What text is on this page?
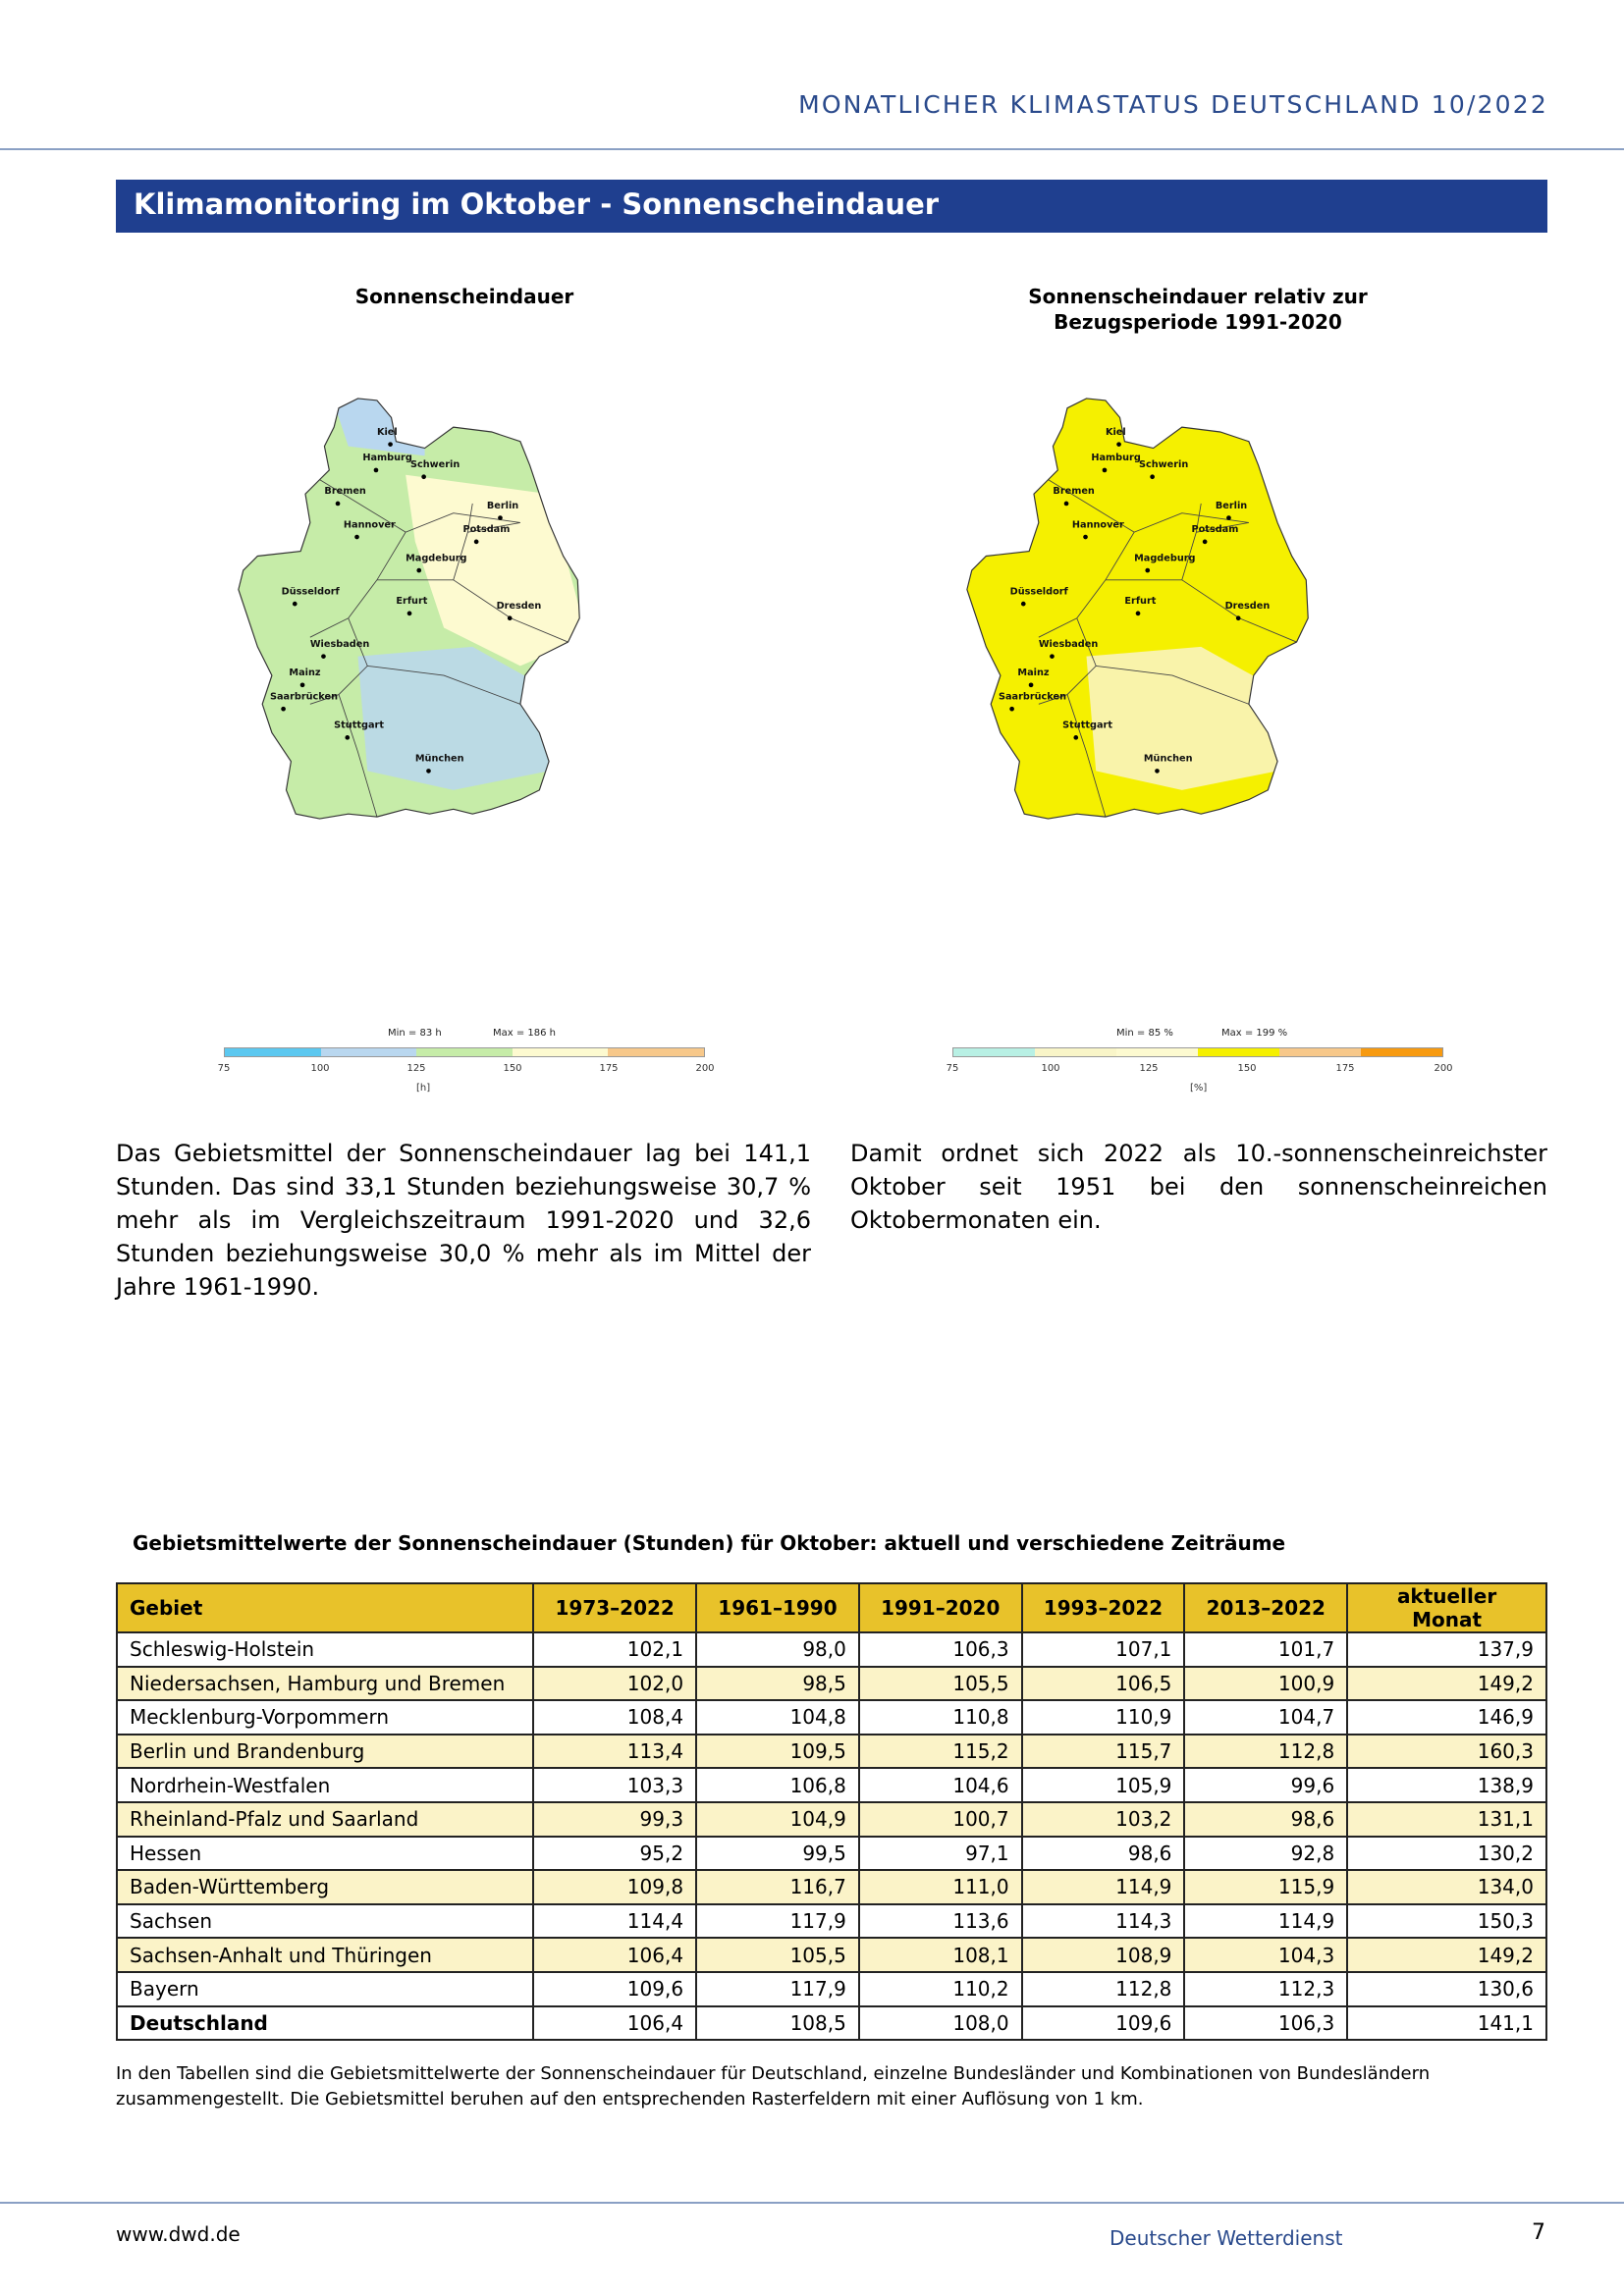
MONATLICHER KLIMASTATUS DEUTSCHLAND 10/2022
Klimamonitoring im Oktober - Sonnenscheindauer
Sonnenscheindauer
Kiel
Hamburg
Schwerin
Bremen
Berlin
Potsdam
Hannover
Magdeburg
Düsseldorf
Erfurt	Dresden
Wiesbaden
Mainz
Saarbrücken
Stuttgart
München
Min = 83 h	Max = 186 h
75	100	125	150	175	200
[h]
Sonnenscheindauer relativ zur Bezugsperiode 1991-2020
Kiel
Hamburg
Schwerin
Bremen
Berlin
Potsdam
Hannover
Magdeburg
Düsseldorf
Erfurt	Dresden
Wiesbaden
Mainz
Saarbrücken
Stuttgart
München
Min = 85 %	Max = 199 %
75	100	125	150	175	200
[%]
Das Gebietsmittel der Sonnenscheindauer lag bei 141,1 Stunden. Das sind 33,1 Stunden beziehungsweise 30,7 % mehr als im Vergleichszeitraum 1991-2020 und 32,6 Stunden beziehungsweise 30,0 % mehr als im Mittel der Jahre 1961-1990.
Damit ordnet sich 2022 als 10.-sonnenscheinreichster Oktober seit 1951 bei den sonnenscheinreichen Oktobermonaten ein.
Gebietsmittelwerte der Sonnenscheindauer (Stunden) für Oktober: aktuell und verschiedene Zeiträume
Gebiet	1973–2022	1961–1990	1991–2020	1993–2022	2013–2022	aktueller Monat
Schleswig-Holstein	102,1	98,0	106,3	107,1	101,7	137,9
Niedersachsen, Hamburg und Bremen	102,0	98,5	105,5	106,5	100,9	149,2
Mecklenburg-Vorpommern	108,4	104,8	110,8	110,9	104,7	146,9
Berlin und Brandenburg	113,4	109,5	115,2	115,7	112,8	160,3
Nordrhein-Westfalen	103,3	106,8	104,6	105,9	99,6	138,9
Rheinland-Pfalz und Saarland	99,3	104,9	100,7	103,2	98,6	131,1
Hessen	95,2	99,5	97,1	98,6	92,8	130,2
Baden-Württemberg	109,8	116,7	111,0	114,9	115,9	134,0
Sachsen	114,4	117,9	113,6	114,3	114,9	150,3
Sachsen-Anhalt und Thüringen	106,4	105,5	108,1	108,9	104,3	149,2
Bayern	109,6	117,9	110,2	112,8	112,3	130,6
Deutschland	106,4	108,5	108,0	109,6	106,3	141,1
In den Tabellen sind die Gebietsmittelwerte der Sonnenscheindauer für Deutschland, einzelne Bundesländer und Kombinationen von Bundesländern zusammengestellt. Die Gebietsmittel beruhen auf den entsprechenden Rasterfeldern mit einer Auflösung von 1 km.
www.dwd.de	Deutscher Wetterdienst	7
